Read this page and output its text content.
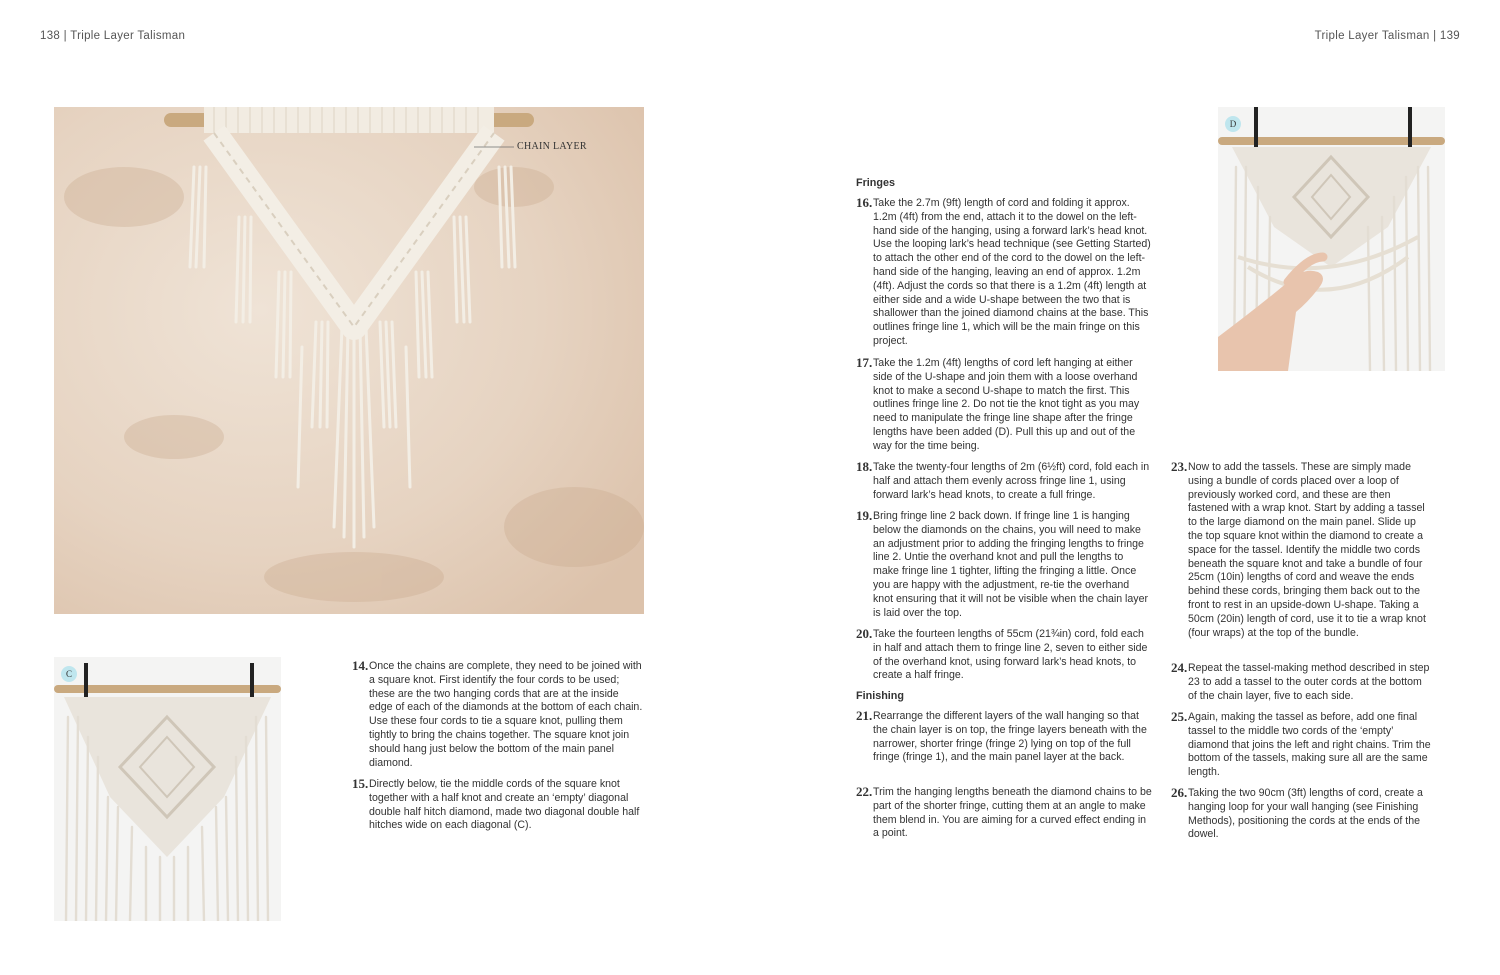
138 | Triple Layer Talisman
CHAIN LAYER
C
14. Once the chains are complete, they need to be joined with a square knot. First identify the four cords to be used; these are the two hanging cords that are at the inside edge of each of the diamonds at the bottom of each chain. Use these four cords to tie a square knot, pulling them tightly to bring the chains together. The square knot join should hang just below the bottom of the main panel diamond.
15. Directly below, tie the middle cords of the square knot together with a half knot and create an ‘empty’ diagonal double half hitch diamond, made two diagonal double half hitches wide on each diagonal (C).
Triple Layer Talisman | 139
D
Fringes
16. Take the 2.7m (9ft) length of cord and folding it approx. 1.2m (4ft) from the end, attach it to the dowel on the left-hand side of the hanging, using a forward lark’s head knot. Use the looping lark’s head technique (see Getting Started) to attach the other end of the cord to the dowel on the left-hand side of the hanging, leaving an end of approx. 1.2m (4ft). Adjust the cords so that there is a 1.2m (4ft) length at either side and a wide U-shape between the two that is shallower than the joined diamond chains at the base. This outlines fringe line 1, which will be the main fringe on this project.
17. Take the 1.2m (4ft) lengths of cord left hanging at either side of the U-shape and join them with a loose overhand knot to make a second U-shape to match the first. This outlines fringe line 2. Do not tie the knot tight as you may need to manipulate the fringe line shape after the fringe lengths have been added (D). Pull this up and out of the way for the time being.
18. Take the twenty-four lengths of 2m (6½ft) cord, fold each in half and attach them evenly across fringe line 1, using forward lark’s head knots, to create a full fringe.
19. Bring fringe line 2 back down. If fringe line 1 is hanging below the diamonds on the chains, you will need to make an adjustment prior to adding the fringing lengths to fringe line 2. Untie the overhand knot and pull the lengths to make fringe line 1 tighter, lifting the fringing a little. Once you are happy with the adjustment, re-tie the overhand knot ensuring that it will not be visible when the chain layer is laid over the top.
20. Take the fourteen lengths of 55cm (21¾in) cord, fold each in half and attach them to fringe line 2, seven to either side of the overhand knot, using forward lark’s head knots, to create a half fringe.
Finishing
21. Rearrange the different layers of the wall hanging so that the chain layer is on top, the fringe layers beneath with the narrower, shorter fringe (fringe 2) lying on top of the full fringe (fringe 1), and the main panel layer at the back.
22. Trim the hanging lengths beneath the diamond chains to be part of the shorter fringe, cutting them at an angle to make them blend in. You are aiming for a curved effect ending in a point.
23. Now to add the tassels. These are simply made using a bundle of cords placed over a loop of previously worked cord, and these are then fastened with a wrap knot. Start by adding a tassel to the large diamond on the main panel. Slide up the top square knot within the diamond to create a space for the tassel. Identify the middle two cords beneath the square knot and take a bundle of four 25cm (10in) lengths of cord and weave the ends behind these cords, bringing them back out to the front to rest in an upside-down U-shape. Taking a 50cm (20in) length of cord, use it to tie a wrap knot (four wraps) at the top of the bundle.
24. Repeat the tassel-making method described in step 23 to add a tassel to the outer cords at the bottom of the chain layer, five to each side.
25. Again, making the tassel as before, add one final tassel to the middle two cords of the ‘empty’ diamond that joins the left and right chains. Trim the bottom of the tassels, making sure all are the same length.
26. Taking the two 90cm (3ft) lengths of cord, create a hanging loop for your wall hanging (see Finishing Methods), positioning the cords at the ends of the dowel.
